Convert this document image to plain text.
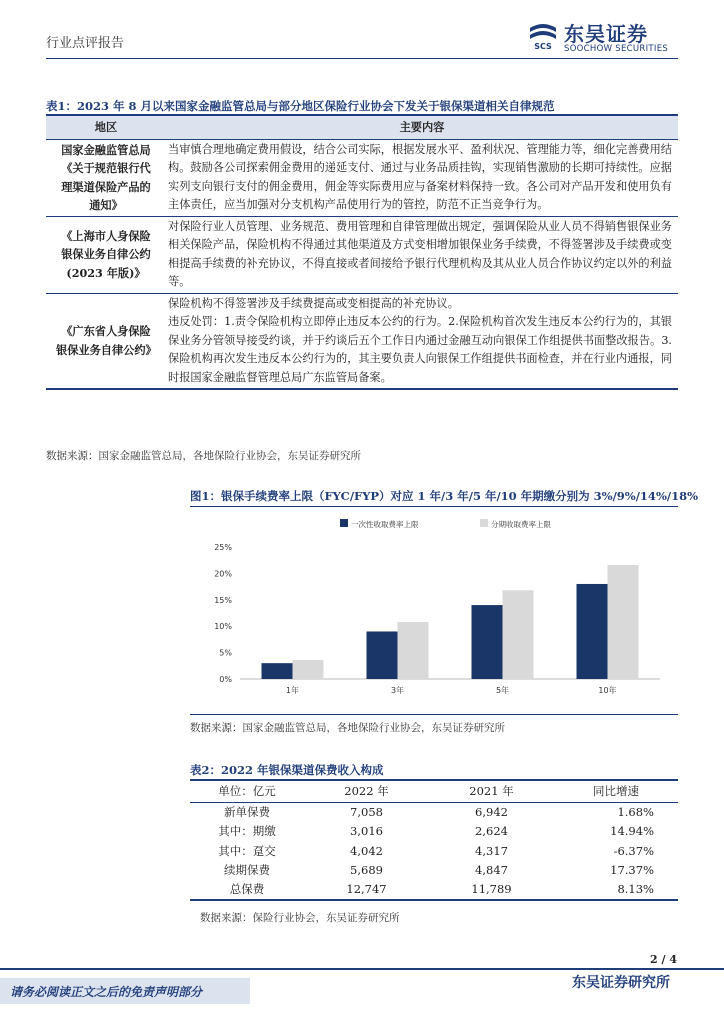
行业点评报告	SCS
东吴证券
SOOCHOW SECURITIES
表1：2023 年 8 月以来国家金融监管总局与部分地区保险行业协会下发关于银保渠道相关自律规范
地区	主要内容
国家金融监管总局《关于规范银行代理渠道保险产品的通知》	当审慎合理地确定费用假设，结合公司实际，根据发展水平、盈利状况、管理能力等，细化完善费用结构。鼓励各公司探索佣金费用的递延支付、通过与业务品质挂钩，实现销售激励的长期可持续性。应据实列支向银行支付的佣金费用，佣金等实际费用应与备案材料保持一致。各公司对产品开发和使用负有主体责任，应当加强对分支机构产品使用行为的管控，防范不正当竞争行为。
《上海市人身保险银保业务自律公约(2023 年版)》	对保险行业人员管理、业务规范、费用管理和自律管理做出规定，强调保险从业人员不得销售银保业务相关保险产品，保险机构不得通过其他渠道及方式变相增加银保业务手续费，不得签署涉及手续费或变相提高手续费的补充协议，不得直接或者间接给予银行代理机构及其从业人员合作协议约定以外的利益等。
《广东省人身保险银保业务自律公约》	保险机构不得签署涉及手续费提高或变相提高的补充协议。
违反处罚：1.责令保险机构立即停止违反本公约的行为。2.保险机构首次发生违反本公约行为的，其银保业务分管领导接受约谈，并于约谈后五个工作日内通过金融互动向银保工作组提供书面整改报告。3.保险机构再次发生违反本公约行为的，其主要负责人向银保工作组提供书面检查，并在行业内通报，同时报国家金融监督管理总局广东监管局备案。
数据来源：国家金融监管总局，各地保险行业协会，东吴证券研究所
图1：银保手续费率上限（FYC/FYP）对应 1 年/3 年/5 年/10 年期缴分别为 3%/9%/14%/18%
一次性收取费率上限	分期收取费率上限
0%
5%
10%
15%
20%
25%
1年	3年	5年	10年
数据来源：国家金融监管总局，各地保险行业协会，东吴证券研究所
表2：2022 年银保渠道保费收入构成
单位：亿元	2022 年	2021 年	同比增速
新单保费	7,058	6,942	1.68%
其中：期缴	3,016	2,624	14.94%
其中：趸交	4,042	4,317	-6.37%
续期保费	5,689	4,847	17.37%
总保费	12,747	11,789	8.13%
数据来源：保险行业协会，东吴证券研究所
2 / 4
请务必阅读正文之后的免责声明部分
东吴证券研究所
